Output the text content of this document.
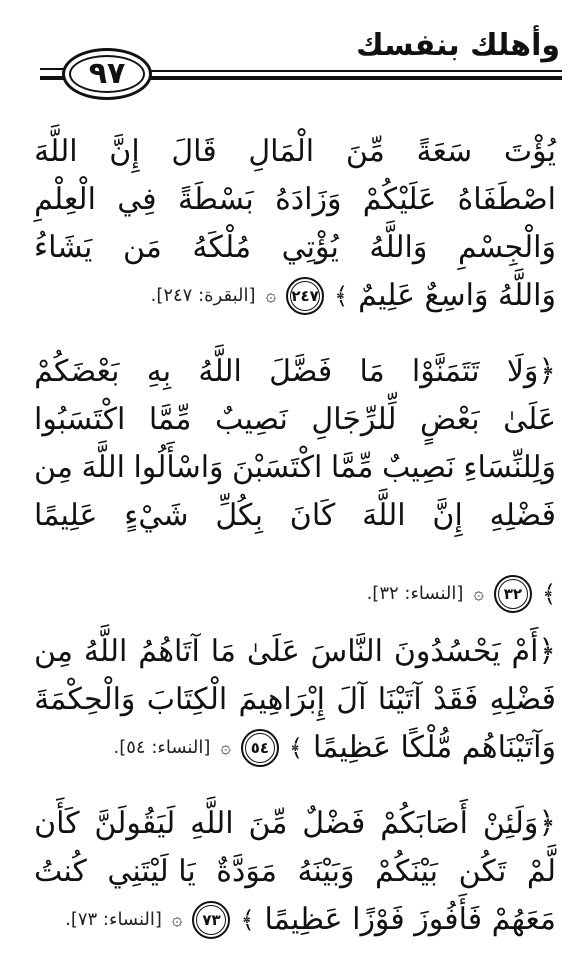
وأهلك بنفسك
٩٧
يُؤْتَ
سَعَةً
مِّنَ
الْمَالِ
قَالَ
إِنَّ
اللَّهَ
اصْطَفَاهُ
عَلَيْكُمْ
وَزَادَهُ
بَسْطَةً
فِي
الْعِلْمِ
وَالْجِسْمِ
وَاللَّهُ
يُؤْتِي
مُلْكَهُ
مَن
يَشَاءُ
وَاللَّهُ وَاسِعٌ عَلِيمٌ
﴾
٢٤٧
۞
[البقرة: ٢٤٧].
﴿وَلَا
تَتَمَنَّوْا
مَا
فَضَّلَ
اللَّهُ
بِهِ
بَعْضَكُمْ
عَلَىٰ
بَعْضٍ
لِّلرِّجَالِ
نَصِيبٌ
مِّمَّا
اكْتَسَبُوا
وَلِلنِّسَاءِ
نَصِيبٌ
مِّمَّا
اكْتَسَبْنَ
وَاسْأَلُوا
اللَّهَ
مِن
فَضْلِهِ
إِنَّ
اللَّهَ
كَانَ
بِكُلِّ
شَيْءٍ
عَلِيمًا
﴾
٣٢
۞
[النساء: ٣٢].
﴿أَمْ
يَحْسُدُونَ
النَّاسَ
عَلَىٰ
مَا
آتَاهُمُ
اللَّهُ
مِن
فَضْلِهِ
فَقَدْ
آتَيْنَا
آلَ
إِبْرَاهِيمَ
الْكِتَابَ
وَالْحِكْمَةَ
وَآتَيْنَاهُم مُّلْكًا عَظِيمًا
﴾
٥٤
۞
[النساء: ٥٤].
﴿وَلَئِنْ
أَصَابَكُمْ
فَضْلٌ
مِّنَ
اللَّهِ
لَيَقُولَنَّ
كَأَن
لَّمْ
تَكُن
بَيْنَكُمْ
وَبَيْنَهُ
مَوَدَّةٌ
يَا لَيْتَنِي
كُنتُ
مَعَهُمْ فَأَفُوزَ فَوْزًا عَظِيمًا
﴾
٧٣
۞
[النساء: ٧٣].
